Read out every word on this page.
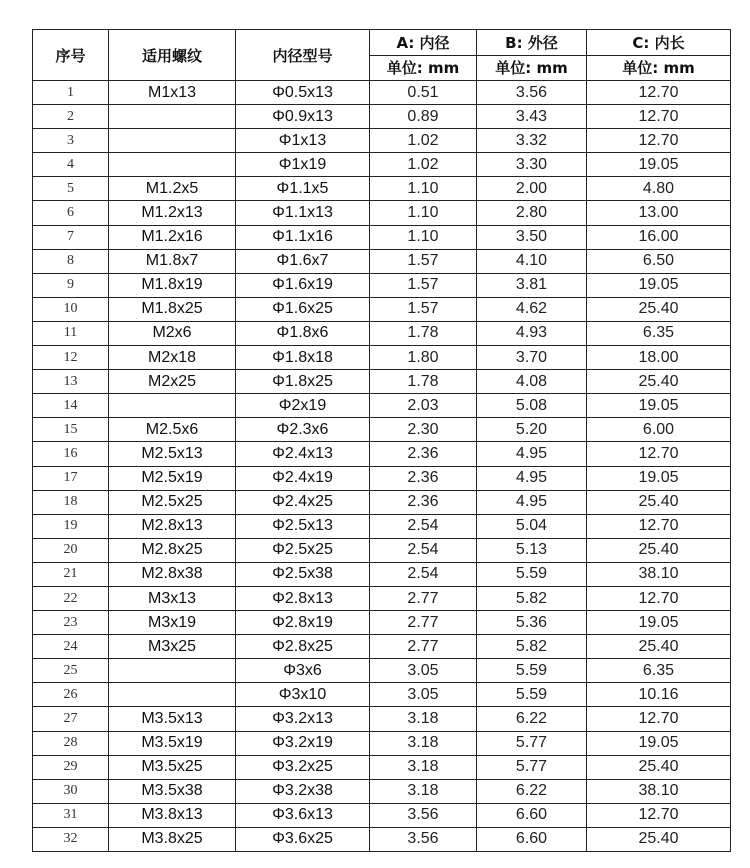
序号	适用螺纹	内径型号	A: 内径	B: 外径	C: 内长
			单位: mm	单位: mm	单位: mm
1	M1x13	Φ0.5x13	0.51	3.56	12.70
2		Φ0.9x13	0.89	3.43	12.70
3		Φ1x13	1.02	3.32	12.70
4		Φ1x19	1.02	3.30	19.05
5	M1.2x5	Φ1.1x5	1.10	2.00	4.80
6	M1.2x13	Φ1.1x13	1.10	2.80	13.00
7	M1.2x16	Φ1.1x16	1.10	3.50	16.00
8	M1.8x7	Φ1.6x7	1.57	4.10	6.50
9	M1.8x19	Φ1.6x19	1.57	3.81	19.05
10	M1.8x25	Φ1.6x25	1.57	4.62	25.40
11	M2x6	Φ1.8x6	1.78	4.93	6.35
12	M2x18	Φ1.8x18	1.80	3.70	18.00
13	M2x25	Φ1.8x25	1.78	4.08	25.40
14		Φ2x19	2.03	5.08	19.05
15	M2.5x6	Φ2.3x6	2.30	5.20	6.00
16	M2.5x13	Φ2.4x13	2.36	4.95	12.70
17	M2.5x19	Φ2.4x19	2.36	4.95	19.05
18	M2.5x25	Φ2.4x25	2.36	4.95	25.40
19	M2.8x13	Φ2.5x13	2.54	5.04	12.70
20	M2.8x25	Φ2.5x25	2.54	5.13	25.40
21	M2.8x38	Φ2.5x38	2.54	5.59	38.10
22	M3x13	Φ2.8x13	2.77	5.82	12.70
23	M3x19	Φ2.8x19	2.77	5.36	19.05
24	M3x25	Φ2.8x25	2.77	5.82	25.40
25		Φ3x6	3.05	5.59	6.35
26		Φ3x10	3.05	5.59	10.16
27	M3.5x13	Φ3.2x13	3.18	6.22	12.70
28	M3.5x19	Φ3.2x19	3.18	5.77	19.05
29	M3.5x25	Φ3.2x25	3.18	5.77	25.40
30	M3.5x38	Φ3.2x38	3.18	6.22	38.10
31	M3.8x13	Φ3.6x13	3.56	6.60	12.70
32	M3.8x25	Φ3.6x25	3.56	6.60	25.40
